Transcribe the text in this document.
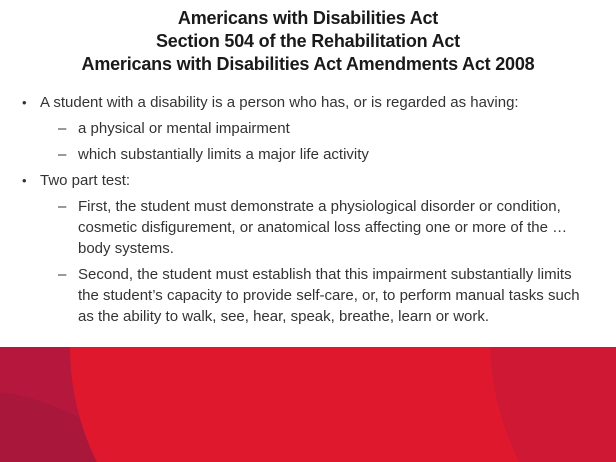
Americans with Disabilities Act
Section 504 of the Rehabilitation Act
Americans with Disabilities Act Amendments Act 2008
• A student with a disability is a person who has, or is regarded as having:
– a physical or mental impairment
– which substantially limits a major life activity
• Two part test:
– First, the student must demonstrate a physiological disorder or condition, cosmetic disfigurement, or anatomical loss affecting one or more of the … body systems.
– Second, the student must establish that this impairment substantially limits the student’s capacity to provide self-care, or, to perform manual tasks such as the ability to walk, see, hear, speak, breathe, learn or work.
